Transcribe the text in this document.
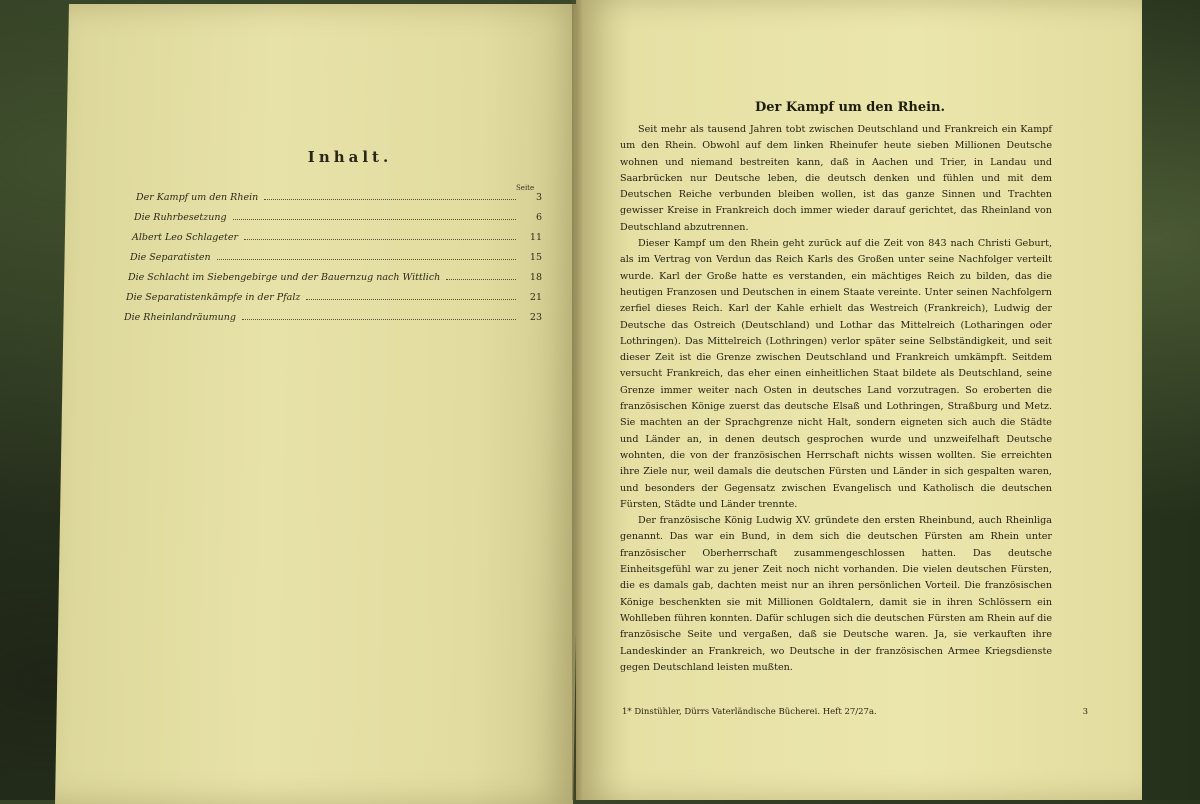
Inhalt.
Seite
Der Kampf um den Rhein	3
Die Ruhrbesetzung	6
Albert Leo Schlageter	11
Die Separatisten	15
Die Schlacht im Siebengebirge und der Bauernzug nach Wittlich	18
Die Separatistenkämpfe in der Pfalz	21
Die Rheinlandräumung	23
Der Kampf um den Rhein.

Seit mehr als tausend Jahren tobt zwischen Deutschland und Frankreich ein Kampf um den Rhein. Obwohl auf dem linken Rheinufer heute sieben Millionen Deutsche wohnen und niemand bestreiten kann, daß in Aachen und Trier, in Landau und Saarbrücken nur Deutsche leben, die deutsch denken und fühlen und mit dem Deutschen Reiche verbunden bleiben wollen, ist das ganze Sinnen und Trachten gewisser Kreise in Frankreich doch immer wieder darauf gerichtet, das Rheinland von Deutschland abzutrennen.

Dieser Kampf um den Rhein geht zurück auf die Zeit von 843 nach Christi Geburt, als im Vertrag von Verdun das Reich Karls des Großen unter seine Nachfolger verteilt wurde. Karl der Große hatte es verstanden, ein mächtiges Reich zu bilden, das die heutigen Franzosen und Deutschen in einem Staate vereinte. Unter seinen Nachfolgern zerfiel dieses Reich. Karl der Kahle erhielt das Westreich (Frankreich), Ludwig der Deutsche das Ostreich (Deutschland) und Lothar das Mittelreich (Lotharingen oder Lothringen). Das Mittelreich (Lothringen) verlor später seine Selbständigkeit, und seit dieser Zeit ist die Grenze zwischen Deutschland und Frankreich umkämpft. Seitdem versucht Frankreich, das eher einen einheitlichen Staat bildete als Deutschland, seine Grenze immer weiter nach Osten in deutsches Land vorzutragen. So eroberten die französischen Könige zuerst das deutsche Elsaß und Lothringen, Straßburg und Metz. Sie machten an der Sprachgrenze nicht Halt, sondern eigneten sich auch die Städte und Länder an, in denen deutsch gesprochen wurde und unzweifelhaft Deutsche wohnten, die von der französischen Herrschaft nichts wissen wollten. Sie erreichten ihre Ziele nur, weil damals die deutschen Fürsten und Länder in sich gespalten waren, und besonders der Gegensatz zwischen Evangelisch und Katholisch die deutschen Fürsten, Städte und Länder trennte.

Der französische König Ludwig XV. gründete den ersten Rheinbund, auch Rheinliga genannt. Das war ein Bund, in dem sich die deutschen Fürsten am Rhein unter französischer Oberherrschaft zusammengeschlossen hatten. Das deutsche Einheitsgefühl war zu jener Zeit noch nicht vorhanden. Die vielen deutschen Fürsten, die es damals gab, dachten meist nur an ihren persönlichen Vorteil. Die französischen Könige beschenkten sie mit Millionen Goldtalern, damit sie in ihren Schlössern ein Wohlleben führen konnten. Dafür schlugen sich die deutschen Fürsten am Rhein auf die französische Seite und vergaßen, daß sie Deutsche waren. Ja, sie verkauften ihre Landeskinder an Frankreich, wo Deutsche in der französischen Armee Kriegsdienste gegen Deutschland leisten mußten.

1* Dinstühler, Dürrs Vaterländische Bücherei. Heft 27/27a.	3
